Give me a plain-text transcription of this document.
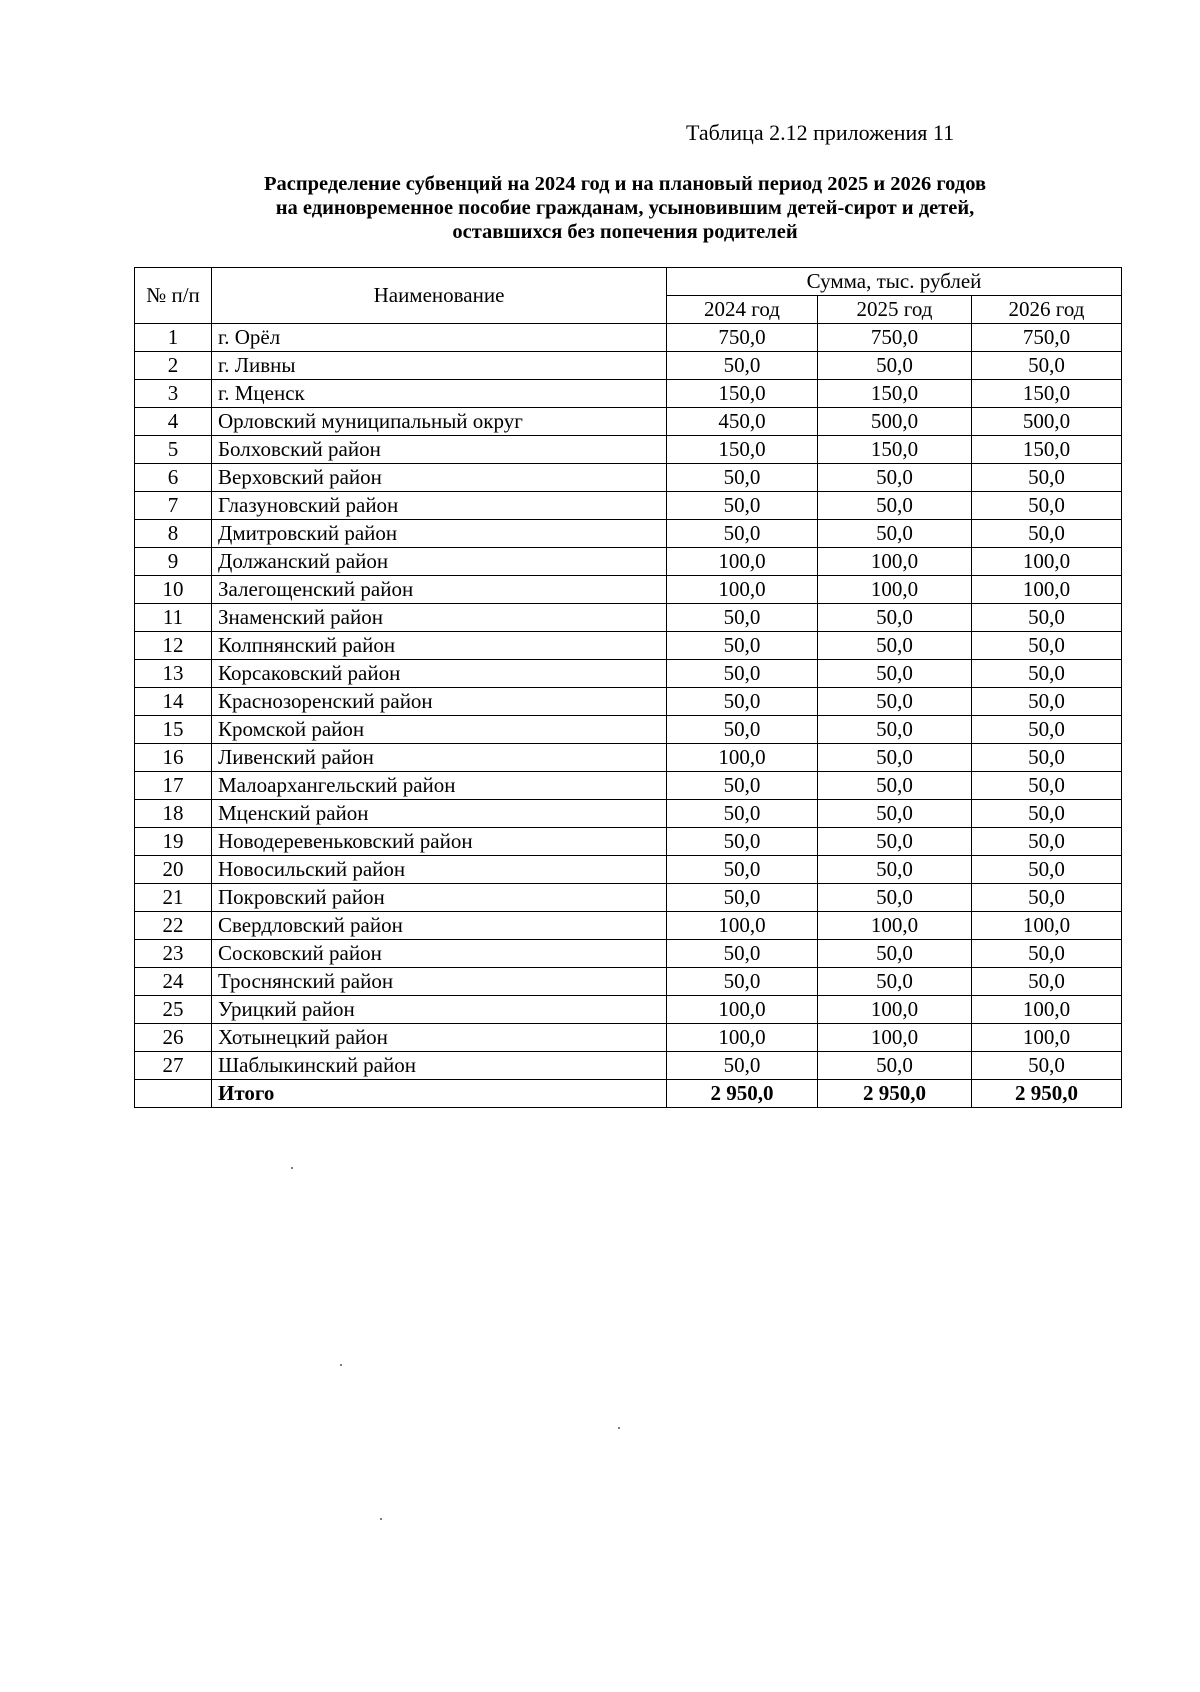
Таблица 2.12 приложения 11
Распределение субвенций на 2024 год и на плановый период 2025 и 2026 годов
на единовременное пособие гражданам, усыновившим детей-сирот и детей,
оставшихся без попечения родителей
№ п/п	Наименование	Сумма, тыс. рублей		
		2024 год	2025 год	2026 год
1	г. Орёл	750,0	750,0	750,0
2	г. Ливны	50,0	50,0	50,0
3	г. Мценск	150,0	150,0	150,0
4	Орловский муниципальный округ	450,0	500,0	500,0
5	Болховский район	150,0	150,0	150,0
6	Верховский район	50,0	50,0	50,0
7	Глазуновский район	50,0	50,0	50,0
8	Дмитровский район	50,0	50,0	50,0
9	Должанский район	100,0	100,0	100,0
10	Залегощенский район	100,0	100,0	100,0
11	Знаменский район	50,0	50,0	50,0
12	Колпнянский район	50,0	50,0	50,0
13	Корсаковский район	50,0	50,0	50,0
14	Краснозоренский район	50,0	50,0	50,0
15	Кромской район	50,0	50,0	50,0
16	Ливенский район	100,0	50,0	50,0
17	Малоархангельский район	50,0	50,0	50,0
18	Мценский район	50,0	50,0	50,0
19	Новодеревеньковский район	50,0	50,0	50,0
20	Новосильский район	50,0	50,0	50,0
21	Покровский район	50,0	50,0	50,0
22	Свердловский район	100,0	100,0	100,0
23	Сосковский район	50,0	50,0	50,0
24	Троснянский район	50,0	50,0	50,0
25	Урицкий район	100,0	100,0	100,0
26	Хотынецкий район	100,0	100,0	100,0
27	Шаблыкинский район	50,0	50,0	50,0
	Итого	2 950,0	2 950,0	2 950,0
